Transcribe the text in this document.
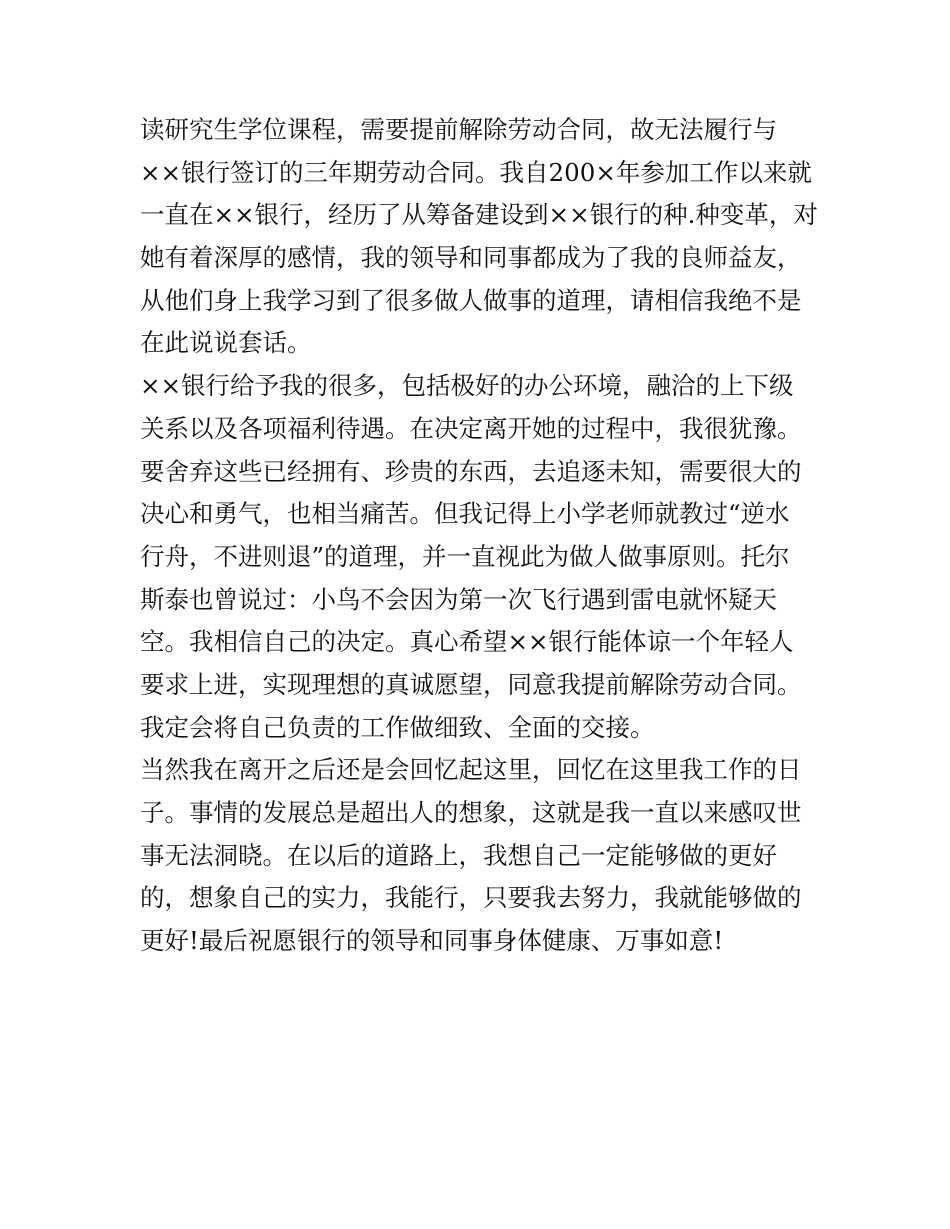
读研究生学位课程，需要提前解除劳动合同，故无法履行与
××银行签订的三年期劳动合同。我自200×年参加工作以来就
一直在××银行，经历了从筹备建设到××银行的种.种变革，对
她有着深厚的感情，我的领导和同事都成为了我的良师益友，
从他们身上我学习到了很多做人做事的道理，请相信我绝不是
在此说说套话。
××银行给予我的很多，包括极好的办公环境，融洽的上下级
关系以及各项福利待遇。在决定离开她的过程中，我很犹豫。
要舍弃这些已经拥有、珍贵的东西，去追逐未知，需要很大的
决心和勇气，也相当痛苦。但我记得上小学老师就教过“逆水
行舟，不进则退”的道理，并一直视此为做人做事原则。托尔
斯泰也曾说过：小鸟不会因为第一次飞行遇到雷电就怀疑天
空。我相信自己的决定。真心希望××银行能体谅一个年轻人
要求上进，实现理想的真诚愿望，同意我提前解除劳动合同。
我定会将自己负责的工作做细致、全面的交接。
当然我在离开之后还是会回忆起这里，回忆在这里我工作的日
子。事情的发展总是超出人的想象，这就是我一直以来感叹世
事无法洞晓。在以后的道路上，我想自己一定能够做的更好
的，想象自己的实力，我能行，只要我去努力，我就能够做的
更好!最后祝愿银行的领导和同事身体健康、万事如意!
